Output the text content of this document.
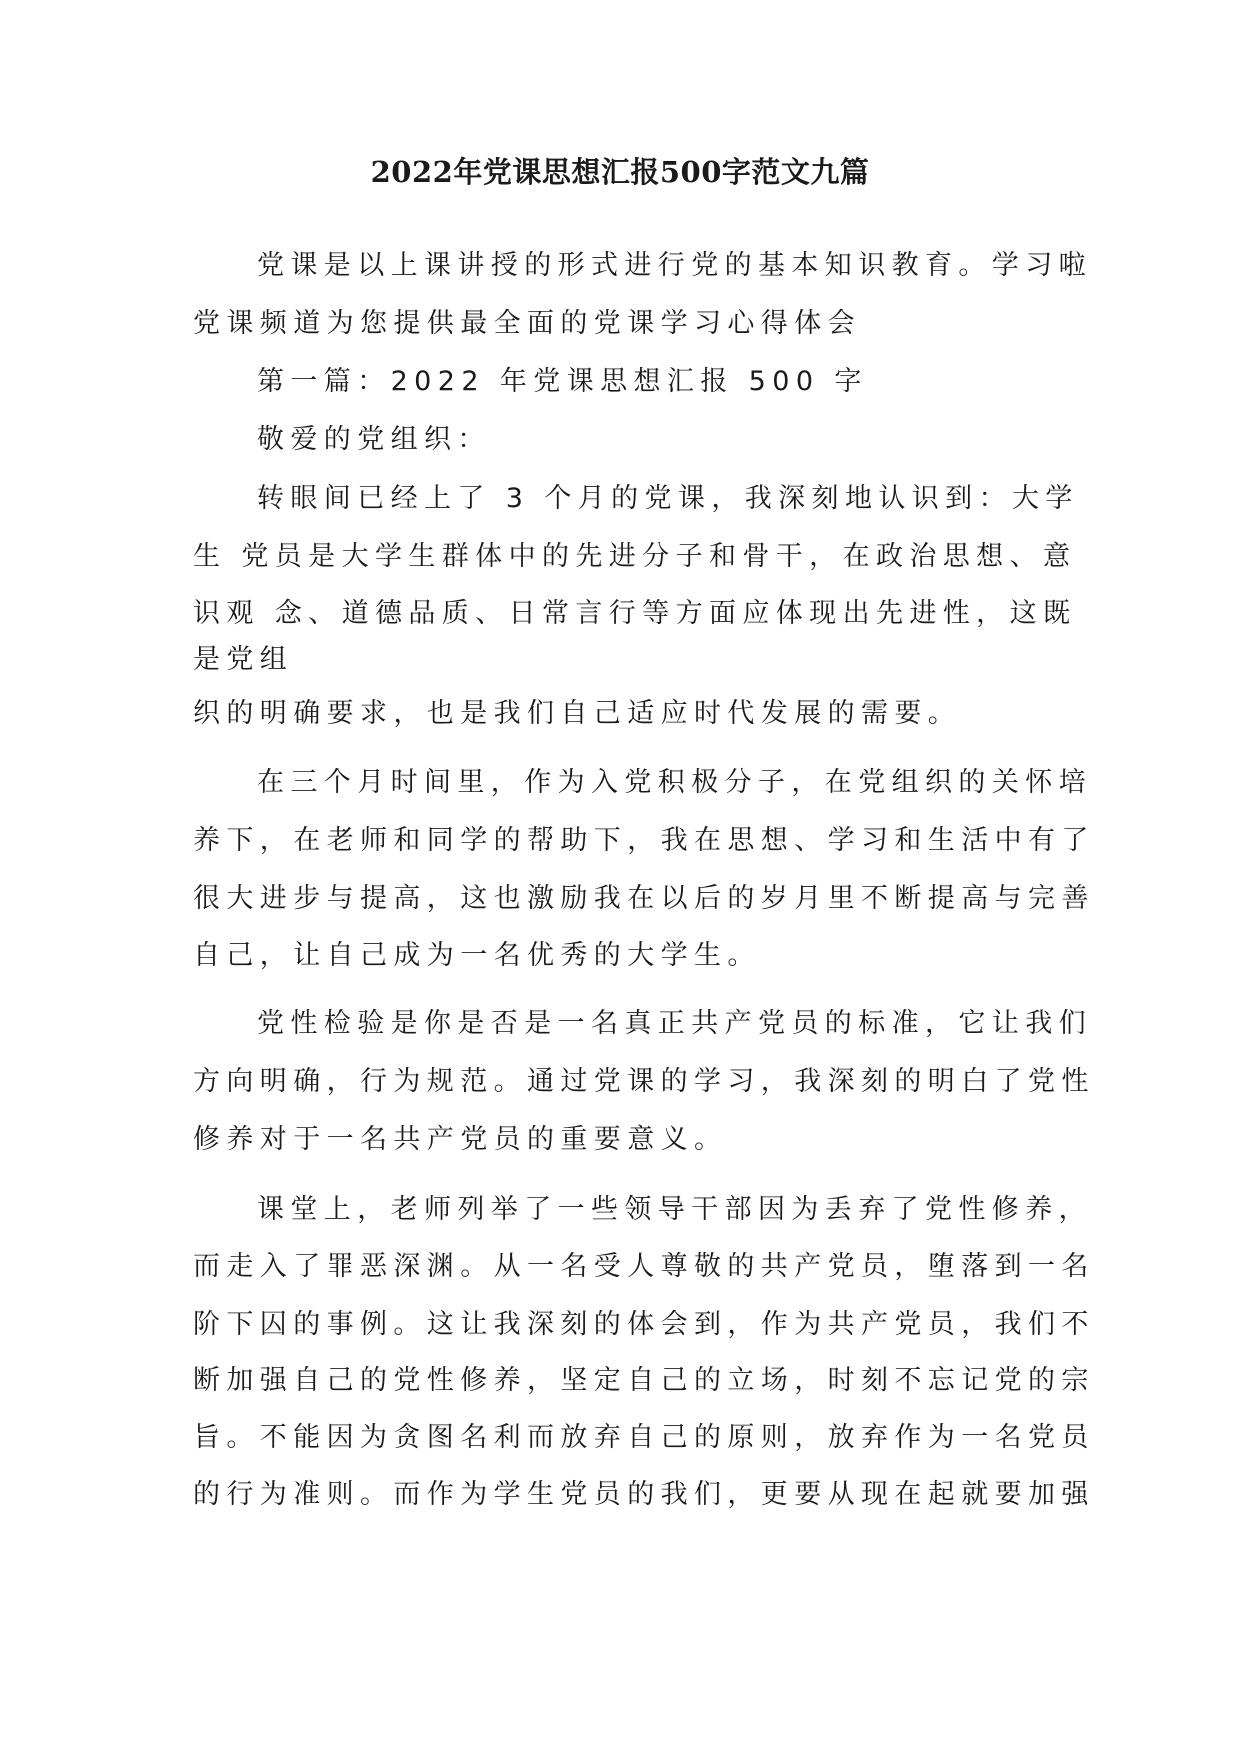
2022年党课思想汇报500字范文九篇
党课是以上课讲授的形式进行党的基本知识教育。学习啦
党课频道为您提供最全面的党课学习心得体会
第一篇：2022 年党课思想汇报 500 字
敬爱的党组织：
转眼间已经上了 3 个月的党课，我深刻地认识到：大学
生 党员是大学生群体中的先进分子和骨干，在政治思想、意
识观 念、道德品质、日常言行等方面应体现出先进性，这既
是党组
织的明确要求，也是我们自己适应时代发展的需要。
在三个月时间里，作为入党积极分子，在党组织的关怀培
养下，在老师和同学的帮助下，我在思想、学习和生活中有了
很大进步与提高，这也激励我在以后的岁月里不断提高与完善
自己，让自己成为一名优秀的大学生。
党性检验是你是否是一名真正共产党员的标准，它让我们
方向明确，行为规范。通过党课的学习，我深刻的明白了党性
修养对于一名共产党员的重要意义。
课堂上，老师列举了一些领导干部因为丢弃了党性修养，
而走入了罪恶深渊。从一名受人尊敬的共产党员，堕落到一名
阶下囚的事例。这让我深刻的体会到，作为共产党员，我们不
断加强自己的党性修养，坚定自己的立场，时刻不忘记党的宗
旨。不能因为贪图名利而放弃自己的原则，放弃作为一名党员
的行为准则。而作为学生党员的我们，更要从现在起就要加强
